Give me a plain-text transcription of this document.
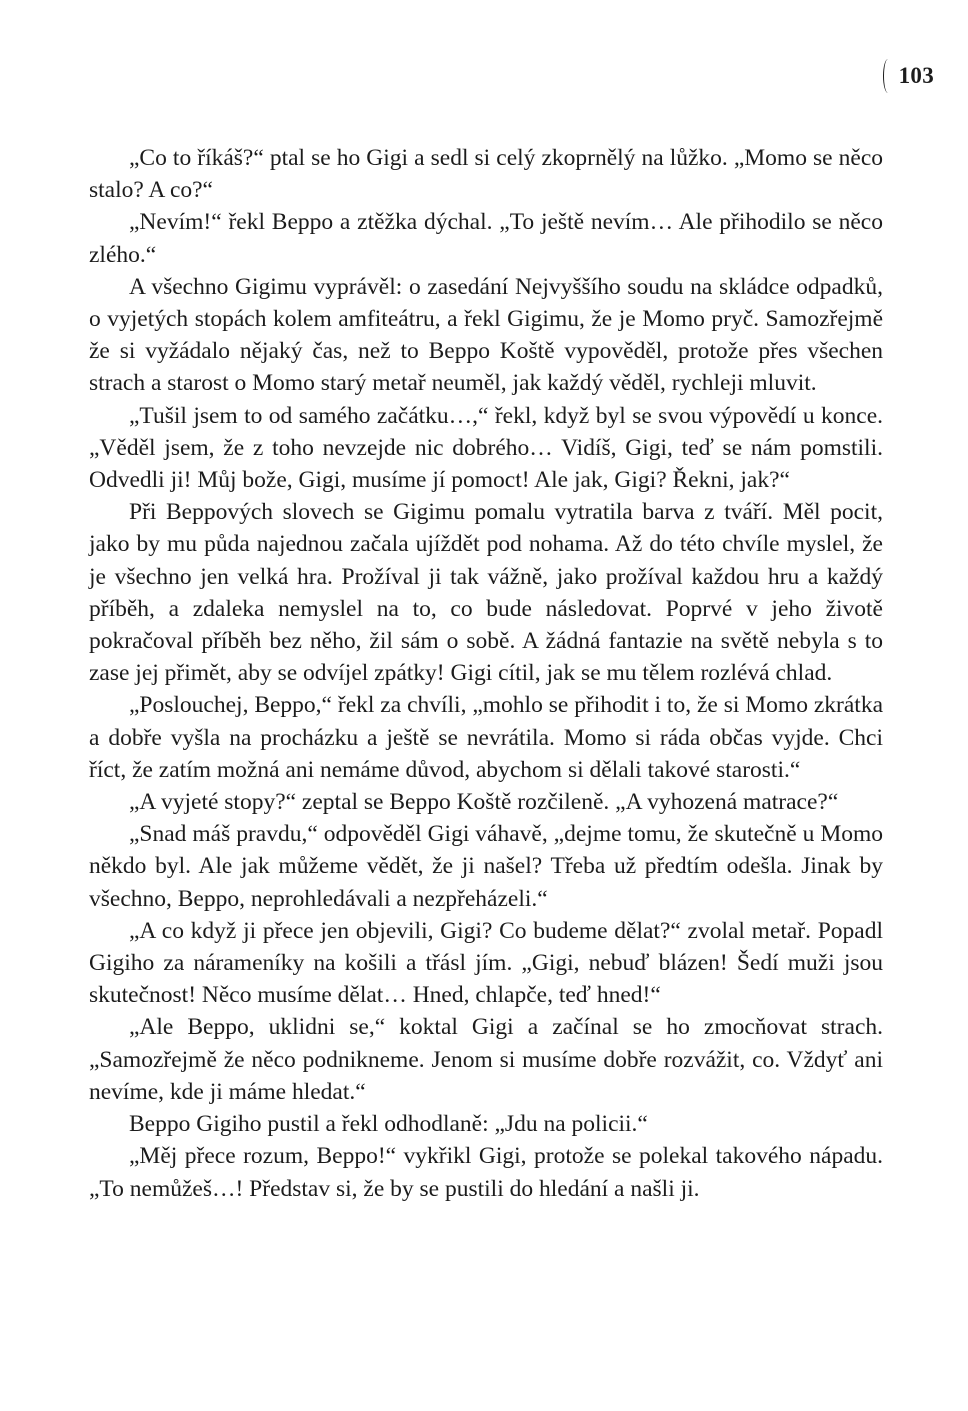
103

„Co to říkáš?“ ptal se ho Gigi a sedl si celý zkoprnělý na lůžko. „Momo se něco stalo? A co?“

„Nevím!“ řekl Beppo a ztěžka dýchal. „To ještě nevím… Ale přihodilo se něco zlého.“

A všechno Gigimu vyprávěl: o zasedání Nejvyššího soudu na skládce odpadků, o vyjetých stopách kolem amfiteátru, a řekl Gigimu, že je Momo pryč. Samozřejmě že si vyžádalo nějaký čas, než to Beppo Koště vypověděl, protože přes všechen strach a starost o Momo starý metař neuměl, jak každý věděl, rychleji mluvit.

„Tušil jsem to od samého začátku…,“ řekl, když byl se svou výpovědí u konce. „Věděl jsem, že z toho nevzejde nic dobrého… Vidíš, Gigi, teď se nám pomstili. Odvedli ji! Můj bože, Gigi, musíme jí pomoct! Ale jak, Gigi? Řekni, jak?“

Při Beppových slovech se Gigimu pomalu vytratila barva z tváří. Měl pocit, jako by mu půda najednou začala ujíždět pod nohama. Až do této chvíle myslel, že je všechno jen velká hra. Prožíval ji tak vážně, jako prožíval každou hru a každý příběh, a zdaleka nemyslel na to, co bude následovat. Poprvé v jeho životě pokračoval příběh bez něho, žil sám o sobě. A žádná fantazie na světě nebyla s to zase jej přimět, aby se odvíjel zpátky! Gigi cítil, jak se mu tělem rozlévá chlad.

„Poslouchej, Beppo,“ řekl za chvíli, „mohlo se přihodit i to, že si Momo zkrátka a dobře vyšla na procházku a ještě se nevrátila. Momo si ráda občas vyjde. Chci říct, že zatím možná ani nemáme důvod, abychom si dělali takové starosti.“

„A vyjeté stopy?“ zeptal se Beppo Koště rozčileně. „A vyhozená matrace?“

„Snad máš pravdu,“ odpověděl Gigi váhavě, „dejme tomu, že skutečně u Momo někdo byl. Ale jak můžeme vědět, že ji našel? Třeba už předtím odešla. Jinak by všechno, Beppo, neprohledávali a nezpřeházeli.“

„A co když ji přece jen objevili, Gigi? Co budeme dělat?“ zvolal metař. Popadl Gigiho za nárameníky na košili a třásl jím. „Gigi, nebuď blázen! Šedí muži jsou skutečnost! Něco musíme dělat… Hned, chlapče, teď hned!“

„Ale Beppo, uklidni se,“ koktal Gigi a začínal se ho zmocňovat strach. „Samozřejmě že něco podnikneme. Jenom si musíme dobře rozvážit, co. Vždyť ani nevíme, kde ji máme hledat.“

Beppo Gigiho pustil a řekl odhodlaně: „Jdu na policii.“

„Měj přece rozum, Beppo!“ vykřikl Gigi, protože se polekal takového nápadu. „To nemůžeš…! Představ si, že by se pustili do hledání a našli ji.
